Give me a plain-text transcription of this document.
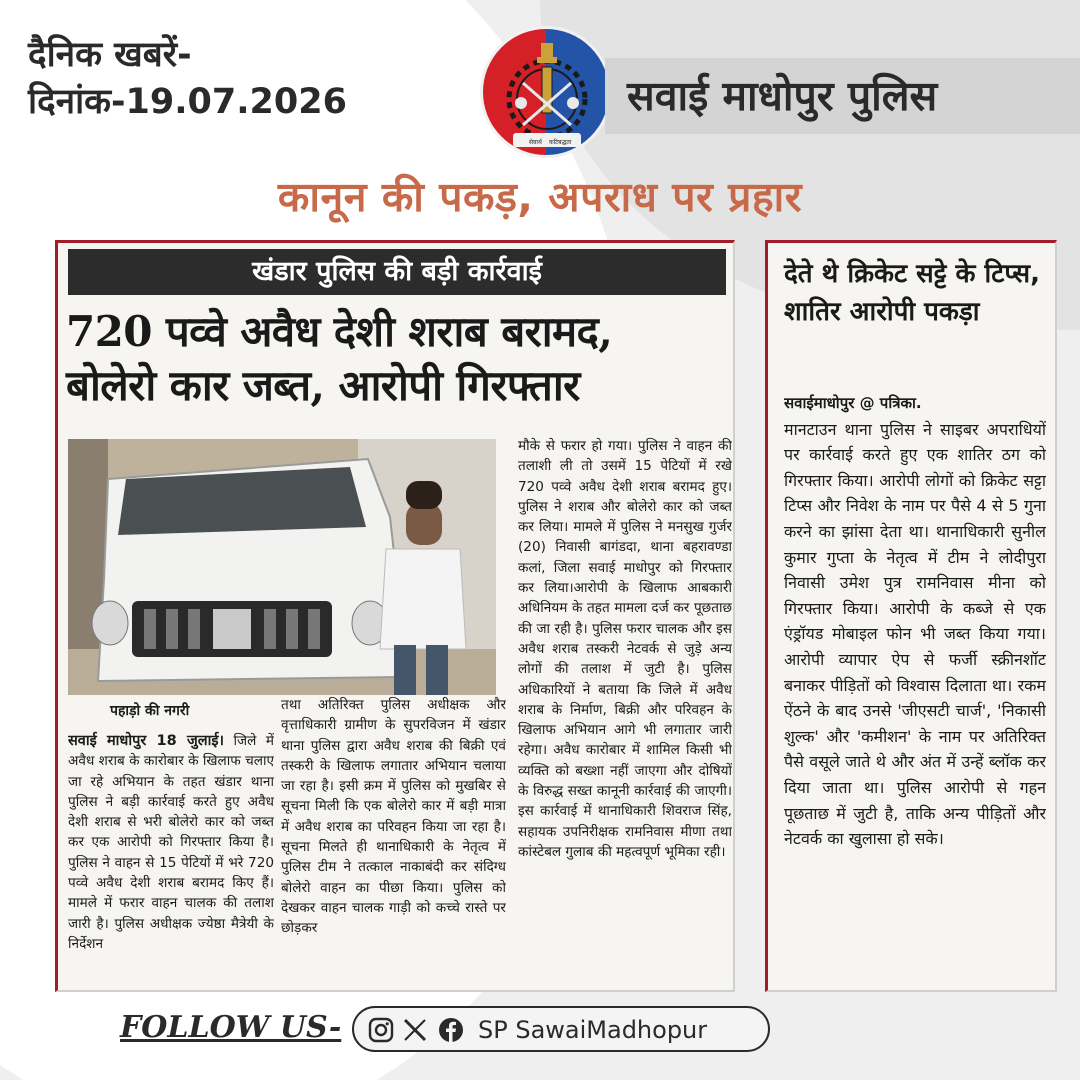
दैनिक खबरें-
दिनांक-19.07.2026
सेवार्थ कटिबद्धता
सवाई माधोपुर पुलिस
कानून की पकड़, अपराध पर प्रहार
खंडार पुलिस की बड़ी कार्रवाई
720 पव्वे अवैध देशी शराब बरामद,
बोलेरो कार जब्त, आरोपी गिरफ्तार
मौके से फरार हो गया। पुलिस ने वाहन की तलाशी ली तो उसमें 15 पेटियों में रखे 720 पव्वे अवैध देशी शराब बरामद हुए। पुलिस ने शराब और बोलेरो कार को जब्त कर लिया। मामले में पुलिस ने मनसुख गुर्जर (20) निवासी बागंडदा, थाना बहरावण्डा कलां, जिला सवाई माधोपुर को गिरफ्तार कर लिया।आरोपी के खिलाफ आबकारी अधिनियम के तहत मामला दर्ज कर पूछताछ की जा रही है। पुलिस फरार चालक और इस अवैध शराब तस्करी नेटवर्क से जुड़े अन्य लोगों की तलाश में जुटी है। पुलिस अधिकारियों ने बताया कि जिले में अवैध शराब के निर्माण, बिक्री और परिवहन के खिलाफ अभियान आगे भी लगातार जारी रहेगा। अवैध कारोबार में शामिल किसी भी व्यक्ति को बख्शा नहीं जाएगा और दोषियों के विरुद्ध सख्त कानूनी कार्रवाई की जाएगी। इस कार्रवाई में थानाधिकारी शिवराज सिंह, सहायक उपनिरीक्षक रामनिवास मीणा तथा कांस्टेबल गुलाब की महत्वपूर्ण भूमिका रही।
पहाड़ो की नगरी
सवाई माधोपुर 18 जुलाई। जिले में अवैध शराब के कारोबार के खिलाफ चलाए जा रहे अभियान के तहत खंडार थाना पुलिस ने बड़ी कार्रवाई करते हुए अवैध देशी शराब से भरी बोलेरो कार को जब्त कर एक आरोपी को गिरफ्तार किया है। पुलिस ने वाहन से 15 पेटियों में भरे 720 पव्वे अवैध देशी शराब बरामद किए हैं। मामले में फरार वाहन चालक की तलाश जारी है। पुलिस अधीक्षक ज्येष्ठा मैत्रेयी के निर्देशन
तथा अतिरिक्त पुलिस अधीक्षक और वृत्ताधिकारी ग्रामीण के सुपरविजन में खंडार थाना पुलिस द्वारा अवैध शराब की बिक्री एवं तस्करी के खिलाफ लगातार अभियान चलाया जा रहा है। इसी क्रम में पुलिस को मुखबिर से सूचना मिली कि एक बोलेरो कार में बड़ी मात्रा में अवैध शराब का परिवहन किया जा रहा है। सूचना मिलते ही थानाधिकारी के नेतृत्व में पुलिस टीम ने तत्काल नाकाबंदी कर संदिग्ध बोलेरो वाहन का पीछा किया। पुलिस को देखकर वाहन चालक गाड़ी को कच्चे रास्ते पर छोड़कर
देते थे क्रिकेट सट्टे के टिप्स, शातिर आरोपी पकड़ा
सवाईमाधोपुर @ पत्रिका.
मानटाउन थाना पुलिस ने साइबर अपराधियों पर कार्रवाई करते हुए एक शातिर ठग को गिरफ्तार किया। आरोपी लोगों को क्रिकेट सट्टा टिप्स और निवेश के नाम पर पैसे 4 से 5 गुना करने का झांसा देता था। थानाधिकारी सुनील कुमार गुप्ता के नेतृत्व में टीम ने लोदीपुरा निवासी उमेश पुत्र रामनिवास मीना को गिरफ्तार किया। आरोपी के कब्जे से एक एंड्रॉयड मोबाइल फोन भी जब्त किया गया। आरोपी व्यापार ऐप से फर्जी स्क्रीनशॉट बनाकर पीड़ितों को विश्वास दिलाता था। रकम ऐंठने के बाद उनसे 'जीएसटी चार्ज', 'निकासी शुल्क' और 'कमीशन' के नाम पर अतिरिक्त पैसे वसूले जाते थे और अंत में उन्हें ब्लॉक कर दिया जाता था। पुलिस आरोपी से गहन पूछताछ में जुटी है, ताकि अन्य पीड़ितों और नेटवर्क का खुलासा हो सके।
FOLLOW US-	SP SawaiMadhopur
